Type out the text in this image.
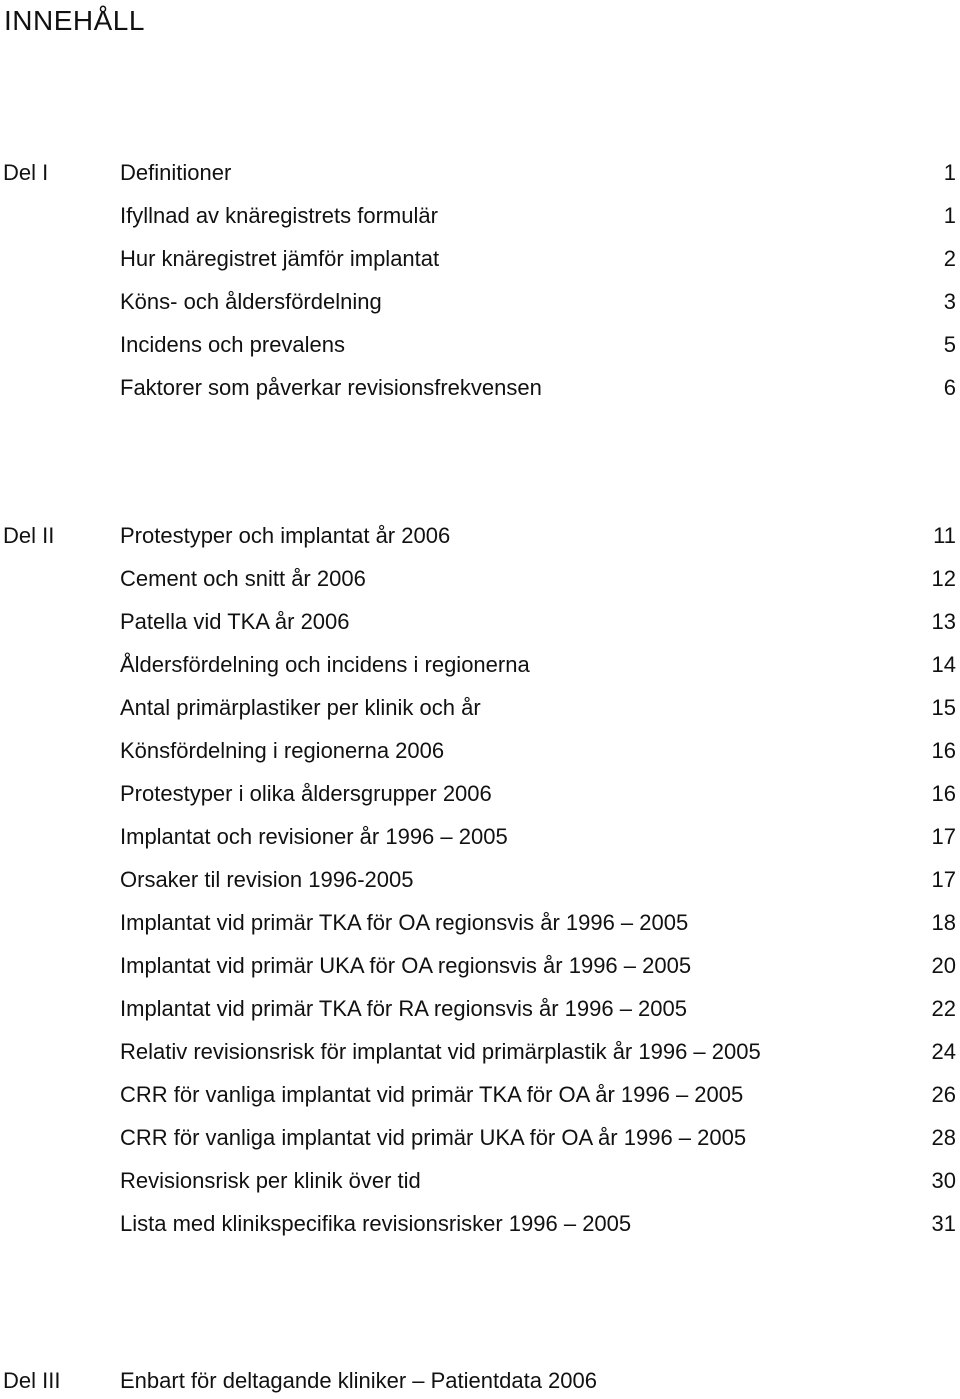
INNEHÅLL
Del I	Definitioner	1
Ifyllnad av knäregistrets formulär	1
Hur knäregistret jämför implantat	2
Köns- och åldersfördelning	3
Incidens och prevalens	5
Faktorer som påverkar revisionsfrekvensen	6
Del II	Protestyper och implantat år 2006	11
Cement och snitt år 2006	12
Patella vid TKA år 2006	13
Åldersfördelning och incidens i regionerna	14
Antal primärplastiker per klinik och år	15
Könsfördelning i regionerna 2006	16
Protestyper i olika åldersgrupper 2006	16
Implantat och revisioner år 1996 – 2005	17
Orsaker til revision 1996-2005	17
Implantat vid primär TKA för OA regionsvis år 1996 – 2005	18
Implantat vid primär UKA för OA regionsvis år 1996 – 2005	20
Implantat vid primär TKA för RA regionsvis år 1996 – 2005	22
Relativ revisionsrisk för implantat vid primärplastik år 1996 – 2005	24
CRR för vanliga implantat vid primär TKA för OA år 1996 – 2005	26
CRR för vanliga implantat vid primär UKA för OA år 1996 – 2005	28
Revisionsrisk per klinik över tid	30
Lista med klinikspecifika revisionsrisker 1996 – 2005	31
Del III	Enbart för deltagande kliniker – Patientdata 2006
